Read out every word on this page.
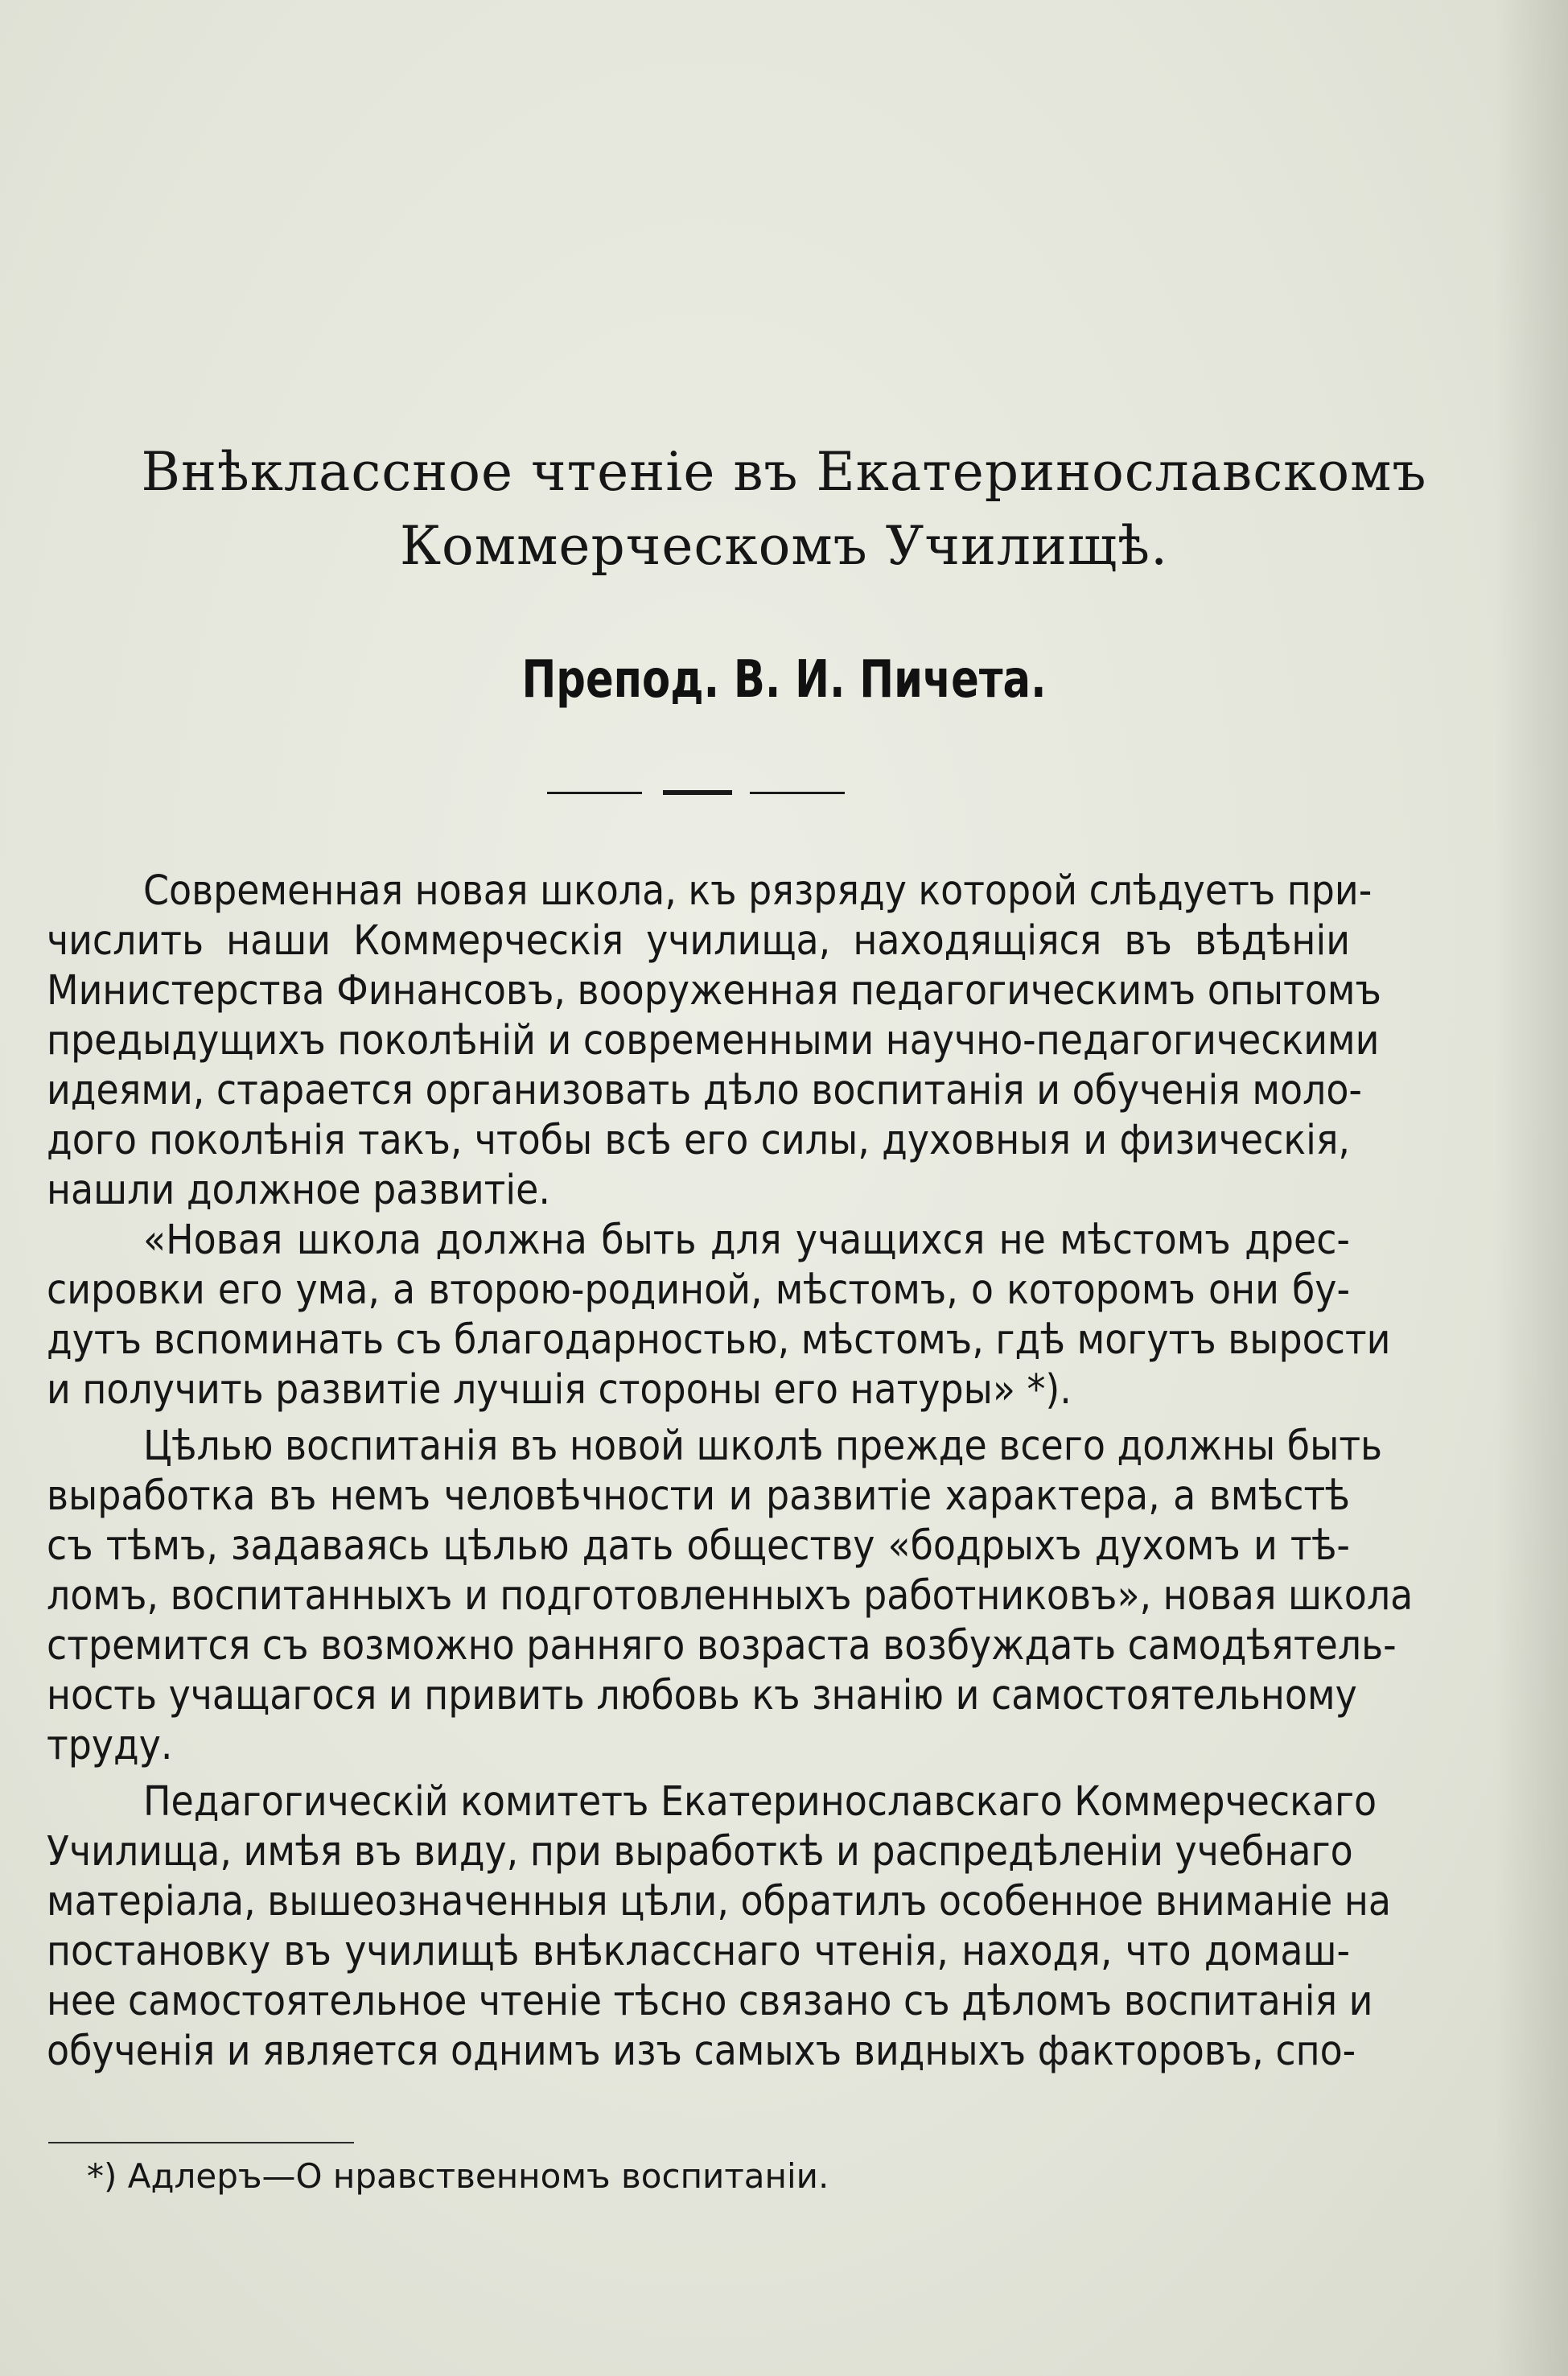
Внѣклассное чтенiе въ Екатеринославскомъ
Коммерческомъ Училищѣ.
Препод. В. И. Пичета.
Современная новая школа, къ рязряду которой слѣдуетъ при-
числить наши Коммерческiя училища, находящiяся въ вѣдѣнiи
Министерства Финансовъ, вооруженная педагогическимъ опытомъ
предыдущихъ поколѣнiй и современными научно-педагогическими
идеями, старается организовать дѣло воспитанiя и обученiя моло-
дого поколѣнiя такъ, чтобы всѣ его силы, духовныя и физическiя,
нашли должное развитiе.
«Новая школа должна быть для учащихся не мѣстомъ дрес-
сировки его ума, а второю-родиной, мѣстомъ, о которомъ они бу-
дутъ вспоминать съ благодарностью, мѣстомъ, гдѣ могутъ вырости
и получить развитiе лучшiя стороны его натуры» *).
Цѣлью воспитанiя въ новой школѣ прежде всего должны быть
выработка въ немъ человѣчности и развитiе характера, а вмѣстѣ
съ тѣмъ, задаваясь цѣлью дать обществу «бодрыхъ духомъ и тѣ-
ломъ, воспитанныхъ и подготовленныхъ работниковъ», новая школа
стремится съ возможно ранняго возраста возбуждать самодѣятель-
ность учащагося и привить любовь къ знанiю и самостоятельному
труду.
Педагогическiй комитетъ Екатеринославскаго Коммерческаго
Училища, имѣя въ виду, при выработкѣ и распредѣленiи учебнаго
матерiала, вышеозначенныя цѣли, обратилъ особенное вниманiе на
постановку въ училищѣ внѣкласснаго чтенiя, находя, что домаш-
нее самостоятельное чтенiе тѣсно связано съ дѣломъ воспитанiя и
обученiя и является однимъ изъ самыхъ видныхъ факторовъ, спо-
*) Адлеръ—О нравственномъ воспитанiи.
